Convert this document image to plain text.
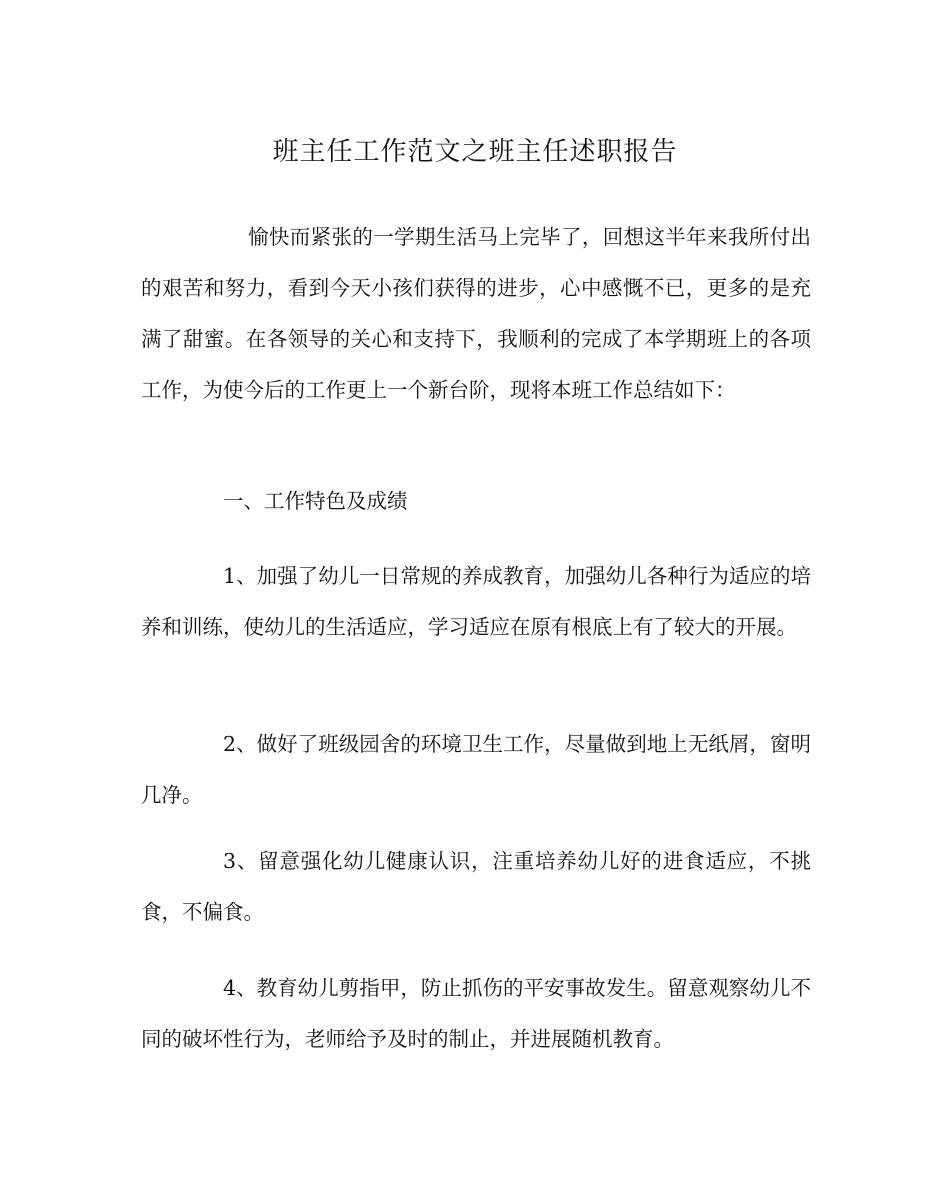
班主任工作范文之班主任述职报告

愉快而紧张的一学期生活马上完毕了，回想这半年来我所付出的艰苦和努力，看到今天小孩们获得的进步，心中感慨不已，更多的是充满了甜蜜。在各领导的关心和支持下，我顺利的完成了本学期班上的各项工作，为使今后的工作更上一个新台阶，现将本班工作总结如下：

一、工作特色及成绩

1、加强了幼儿一日常规的养成教育，加强幼儿各种行为适应的培养和训练，使幼儿的生活适应，学习适应在原有根底上有了较大的开展。

2、做好了班级园舍的环境卫生工作，尽量做到地上无纸屑，窗明几净。

3、留意强化幼儿健康认识，注重培养幼儿好的进食适应，不挑食，不偏食。

4、教育幼儿剪指甲，防止抓伤的平安事故发生。留意观察幼儿不同的破坏性行为，老师给予及时的制止，并进展随机教育。
